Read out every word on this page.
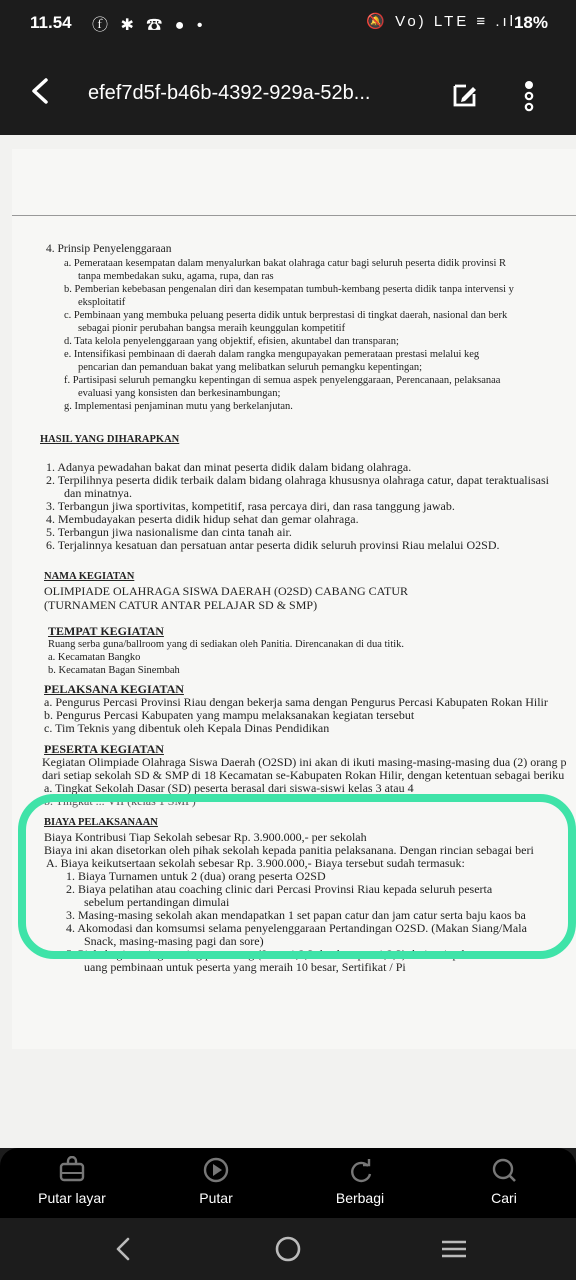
11.54 ⓕ ✱ ☎ ● •	🔕 Vo) LTE ≡ .ıl
18%
efef7d5f-b46b-4392-929a-52b...
4. Prinsip Penyelenggaraan
a. Pemerataan kesempatan dalam menyalurkan bakat olahraga catur bagi seluruh peserta didik provinsi R
tanpa membedakan suku, agama, rupa, dan ras
b. Pemberian kebebasan pengenalan diri dan kesempatan tumbuh-kembang peserta didik tanpa intervensi y
eksploitatif
c. Pembinaan yang membuka peluang peserta didik untuk berprestasi di tingkat daerah, nasional dan berk
sebagai pionir perubahan bangsa meraih keunggulan kompetitif
d. Tata kelola penyelenggaraan yang objektif, efisien, akuntabel dan transparan;
e. Intensifikasi pembinaan di daerah dalam rangka mengupayakan pemerataan prestasi melalui keg
pencarian dan pemanduan bakat yang melibatkan seluruh pemangku kepentingan;
f. Partisipasi seluruh pemangku kepentingan di semua aspek penyelenggaraan, Perencanaan, pelaksanaa
evaluasi yang konsisten dan berkesinambungan;
g. Implementasi penjaminan mutu yang berkelanjutan.
HASIL YANG DIHARAPKAN
1. Adanya pewadahan bakat dan minat peserta didik dalam bidang olahraga.
2. Terpilihnya peserta didik terbaik dalam bidang olahraga khususnya olahraga catur, dapat teraktualisasi
dan minatnya.
3. Terbangun jiwa sportivitas, kompetitif, rasa percaya diri, dan rasa tanggung jawab.
4. Membudayakan peserta didik hidup sehat dan gemar olahraga.
5. Terbangun jiwa nasionalisme dan cinta tanah air.
6. Terjalinnya kesatuan dan persatuan antar peserta didik seluruh provinsi Riau melalui O2SD.
NAMA KEGIATAN
OLIMPIADE OLAHRAGA SISWA DAERAH (O2SD) CABANG CATUR
(TURNAMEN CATUR ANTAR PELAJAR SD & SMP)
TEMPAT KEGIATAN
Ruang serba guna/ballroom yang di sediakan oleh Panitia. Direncanakan di dua titik.
a. Kecamatan Bangko
b. Kecamatan Bagan Sinembah
PELAKSANA KEGIATAN
a. Pengurus Percasi Provinsi Riau dengan bekerja sama dengan Pengurus Percasi Kabupaten Rokan Hilir
b. Pengurus Percasi Kabupaten yang mampu melaksanakan kegiatan tersebut
c. Tim Teknis yang dibentuk oleh Kepala Dinas Pendidikan
PESERTA KEGIATAN
Kegiatan Olimpiade Olahraga Siswa Daerah (O2SD) ini akan di ikuti masing-masing-masing dua (2) orang p
dari setiap sekolah SD & SMP di 18 Kecamatan se-Kabupaten Rokan Hilir, dengan ketentuan sebagai beriku
a. Tingkat Sekolah Dasar (SD) peserta berasal dari siswa-siswi kelas 3 atau 4
b. Tingkat ... VII (kelas 1 SMP)
BIAYA PELAKSANAAN
Biaya Kontribusi Tiap Sekolah sebesar Rp. 3.900.000,- per sekolah
Biaya ini akan disetorkan oleh pihak sekolah kepada panitia pelaksanana. Dengan rincian sebagai beri
A. Biaya keikutsertaan sekolah sebesar Rp. 3.900.000,- Biaya tersebut sudah termasuk:
1. Biaya Turnamen untuk 2 (dua) orang peserta O2SD
2. Biaya pelatihan atau coaching clinic dari Percasi Provinsi Riau kepada seluruh peserta
sebelum pertandingan dimulai
3. Masing-masing sekolah akan mendapatkan 1 set papan catur dan jam catur serta baju kaos ba
4. Akomodasi dan komsumsi selama penyelenggaraan Pertandingan O2SD. (Makan Siang/Mala
Snack, masing-masing pagi dan sore)
5. Piala bagi masing-masing pemenang (Juara 1,2,3 dan harapan 1,2,3) dari setiap kat
uang pembinaan untuk peserta yang meraih 10 besar, Sertifikat / Pi
Putar layar	Putar	Berbagi	Cari
